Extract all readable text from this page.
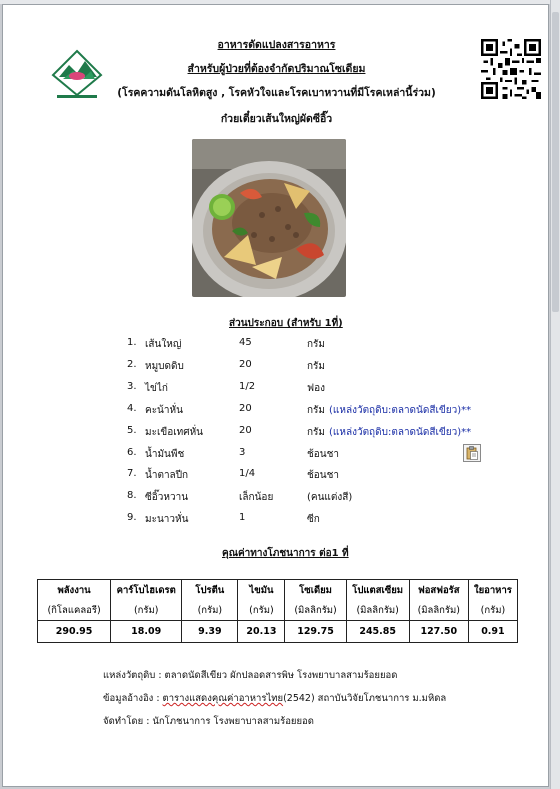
อาหารดัดแปลงสารอาหาร
สำหรับผู้ป่วยที่ต้องจำกัดปริมาณโซเดียม
(โรคความดันโลหิตสูง , โรคหัวใจและโรคเบาหวานที่มีโรคเหล่านี้ร่วม)
ก๋วยเตี๋ยวเส้นใหญ่ผัดซีอิ๊ว
ส่วนประกอบ (สำหรับ 1ที่)
1. เส้นใหญ่	45	กรัม
2. หมูบดดิบ	20	กรัม
3. ไข่ไก่	1/2	ฟอง
4. คะน้าหั่น	20	กรัม (แหล่งวัตถุดิบ:ตลาดนัดสีเขียว)**
5. มะเขือเทศหั่น	20	กรัม (แหล่งวัตถุดิบ:ตลาดนัดสีเขียว)**
6. น้ำมันพืช	3	ช้อนชา
7. น้ำตาลปีก	1/4	ช้อนชา
8. ซีอิ๊วหวาน	เล็กน้อย	(คนแต่งสี)
9. มะนาวหั่น	1	ซีก
คุณค่าทางโภชนาการ ต่อ1 ที่
พลังงาน	คาร์โบไฮเดรต	โปรตีน	ไขมัน	โซเดียม	โปแตสเซียม	ฟอสฟอรัส	ใยอาหาร
(กิโลแคลอรี)	(กรัม)	(กรัม)	(กรัม)	(มิลลิกรัม)	(มิลลิกรัม)	(มิลลิกรัม)	(กรัม)
290.95	18.09	9.39	20.13	129.75	245.85	127.50	0.91
แหล่งวัตถุดิบ : ตลาดนัดสีเขียว ผักปลอดสารพิษ โรงพยาบาลสามร้อยยอด
ข้อมูลอ้างอิง : ตารางแสดงคุณค่าอาหารไทย(2542) สถาบันวิจัยโภชนาการ ม.มหิดล
จัดทำโดย : นักโภชนาการ โรงพยาบาลสามร้อยยอด
